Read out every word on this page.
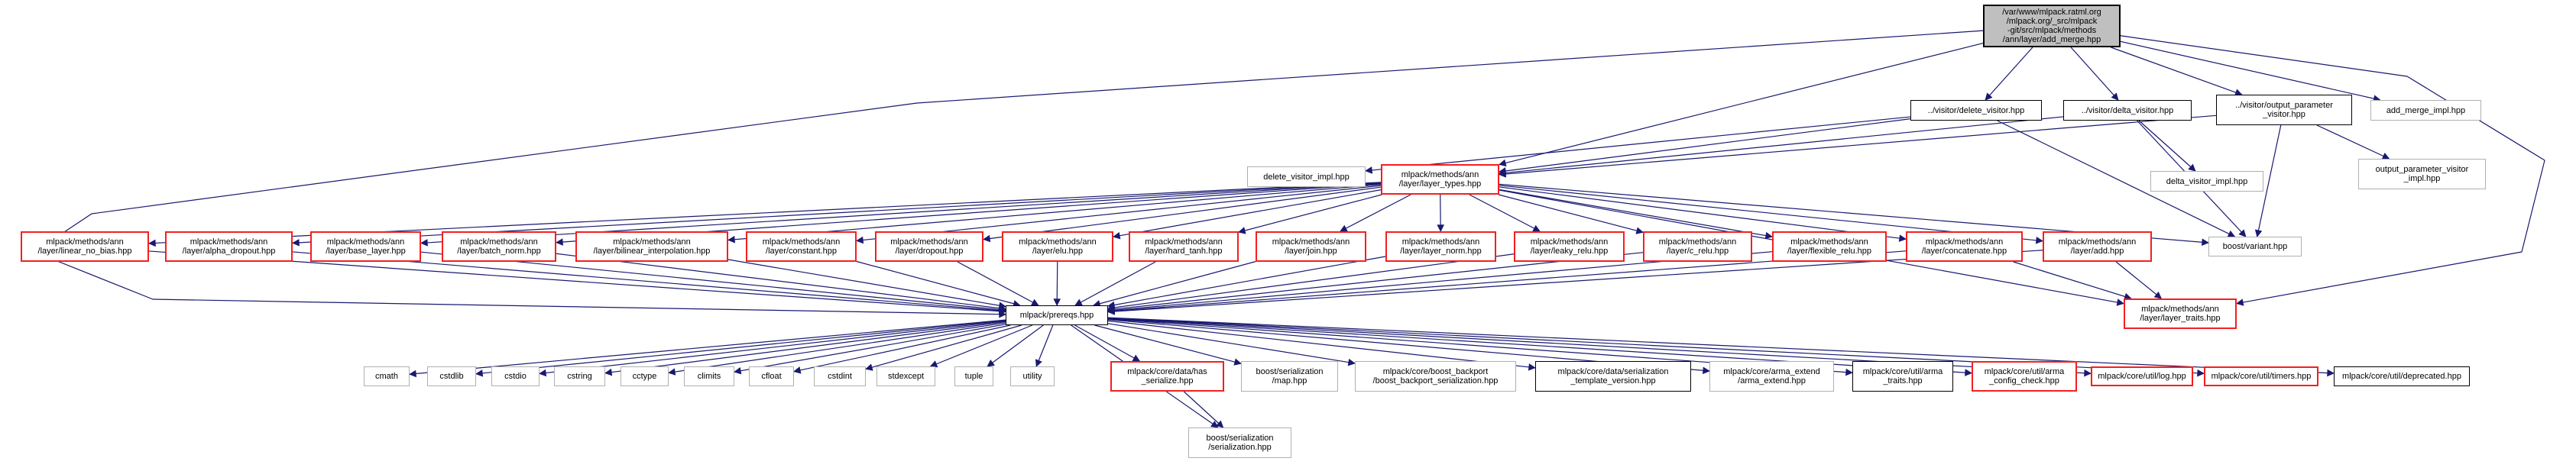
/var/www/mlpack.ratml.org
/mlpack.org/_src/mlpack
-git/src/mlpack/methods
/ann/layer/add_merge.hpp
../visitor/delete_visitor.hpp	../visitor/delta_visitor.hpp
../visitor/output_parameter
_visitor.hpp	add_merge_impl.hpp
delete_visitor_impl.hpp	mlpack/methods/ann
/layer/layer_types.hpp	delta_visitor_impl.hpp
output_parameter_visitor
_impl.hpp
boost/variant.hpp
mlpack/methods/ann
/layer/linear_no_bias.hpp
mlpack/methods/ann
/layer/alpha_dropout.hpp
mlpack/methods/ann
/layer/base_layer.hpp
mlpack/methods/ann
/layer/batch_norm.hpp
mlpack/methods/ann
/layer/bilinear_interpolation.hpp
mlpack/methods/ann
/layer/constant.hpp
mlpack/methods/ann
/layer/dropout.hpp
mlpack/methods/ann
/layer/elu.hpp
mlpack/methods/ann
/layer/hard_tanh.hpp
mlpack/methods/ann
/layer/join.hpp
mlpack/methods/ann
/layer/layer_norm.hpp
mlpack/methods/ann
/layer/leaky_relu.hpp
mlpack/methods/ann
/layer/c_relu.hpp
mlpack/methods/ann
/layer/flexible_relu.hpp
mlpack/methods/ann
/layer/concatenate.hpp
mlpack/methods/ann
/layer/add.hpp
mlpack/methods/ann
/layer/layer_traits.hpp
mlpack/prereqs.hpp
cmath	cstdlib	cstdio	cstring	cctype	climits	cfloat	cstdint	stdexcept	tuple	utility	mlpack/core/data/has
_serialize.hpp
boost/serialization
/map.hpp
mlpack/core/boost_backport
/boost_backport_serialization.hpp
mlpack/core/data/serialization
_template_version.hpp
mlpack/core/arma_extend
/arma_extend.hpp
mlpack/core/util/arma
_traits.hpp
mlpack/core/util/arma
_config_check.hpp	mlpack/core/util/log.hpp	mlpack/core/util/timers.hpp	mlpack/core/util/deprecated.hpp
boost/serialization
/serialization.hpp
